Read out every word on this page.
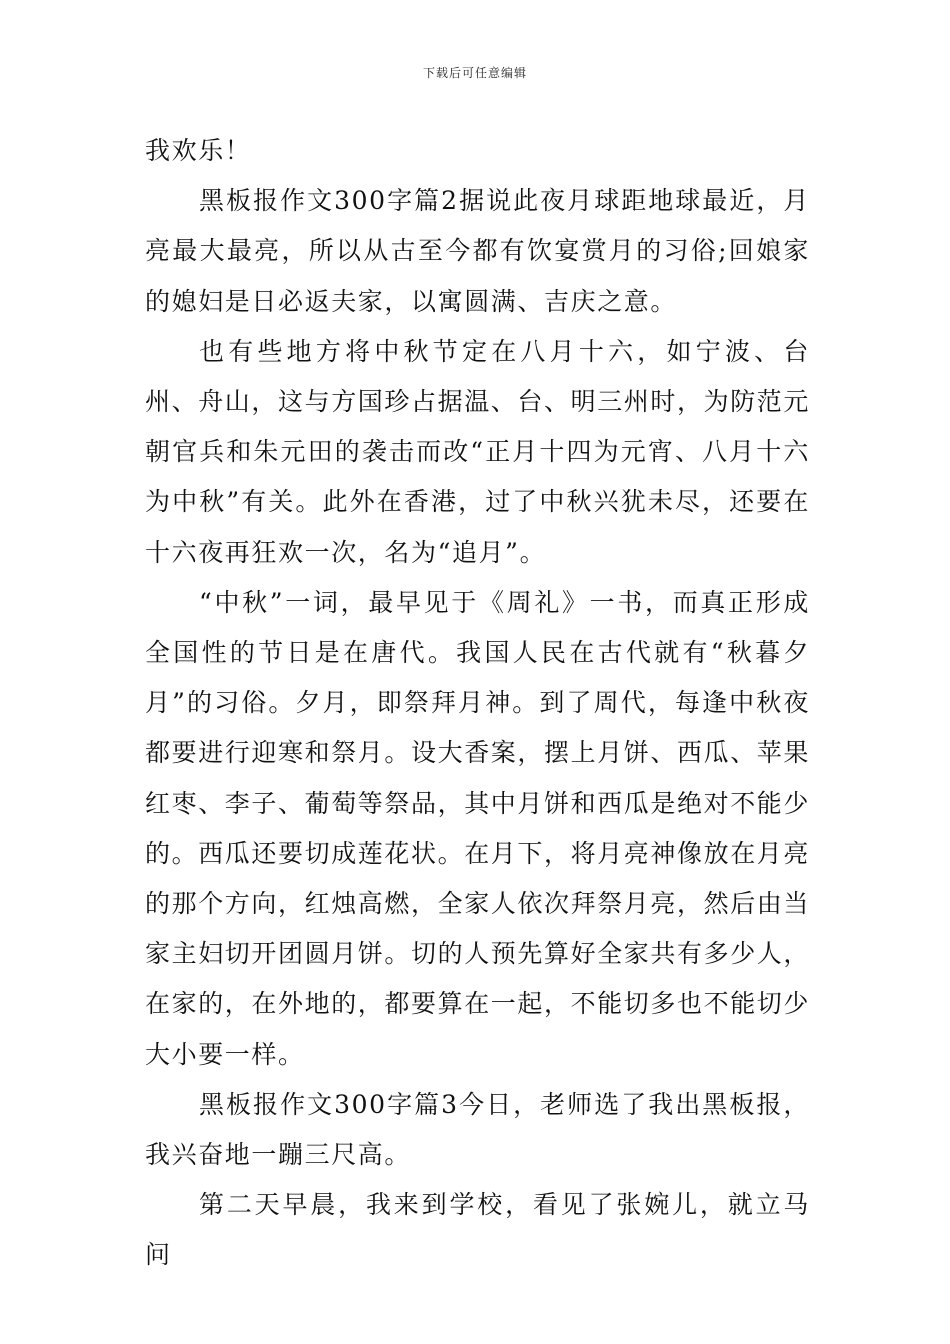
下载后可任意编辑

我欢乐！

黑板报作文300字篇2据说此夜月球距地球最近，月亮最大最亮，所以从古至今都有饮宴赏月的习俗;回娘家的媳妇是日必返夫家，以寓圆满、吉庆之意。

也有些地方将中秋节定在八月十六，如宁波、台州、舟山，这与方国珍占据温、台、明三州时，为防范元朝官兵和朱元田的袭击而改“正月十四为元宵、八月十六为中秋”有关。此外在香港，过了中秋兴犹未尽，还要在十六夜再狂欢一次，名为“追月”。

“中秋”一词，最早见于《周礼》一书，而真正形成全国性的节日是在唐代。我国人民在古代就有“秋暮夕月”的习俗。夕月，即祭拜月神。到了周代，每逢中秋夜都要进行迎寒和祭月。设大香案，摆上月饼、西瓜、苹果红枣、李子、葡萄等祭品，其中月饼和西瓜是绝对不能少的。西瓜还要切成莲花状。在月下，将月亮神像放在月亮的那个方向，红烛高燃，全家人依次拜祭月亮，然后由当家主妇切开团圆月饼。切的人预先算好全家共有多少人，在家的，在外地的，都要算在一起，不能切多也不能切少大小要一样。

黑板报作文300字篇3今日，老师选了我出黑板报，我兴奋地一蹦三尺高。

第二天早晨，我来到学校，看见了张婉儿，就立马问
